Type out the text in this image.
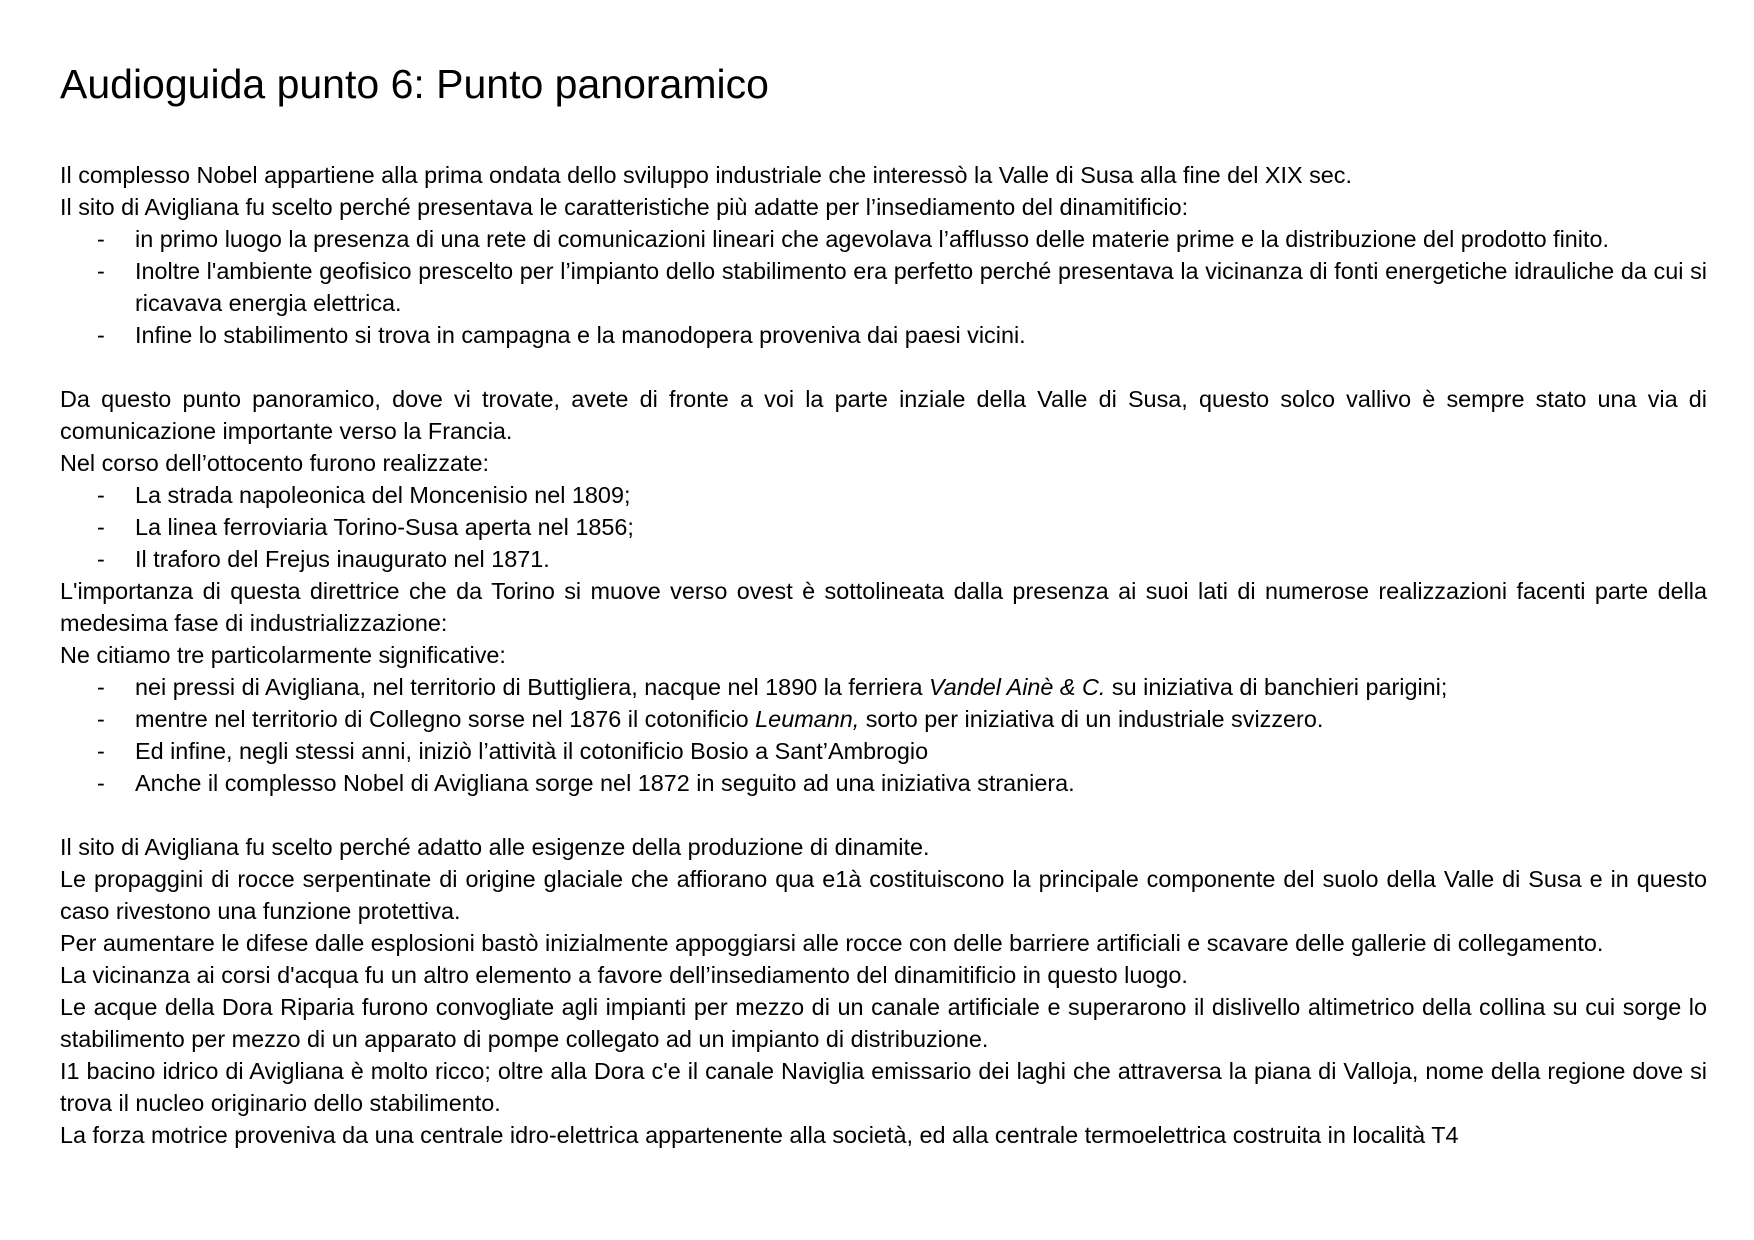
Audioguida punto 6: Punto panoramico

Il complesso Nobel appartiene alla prima ondata dello sviluppo industriale che interessò la Valle di Susa alla fine del XIX sec.

Il sito di Avigliana fu scelto perché presentava le caratteristiche più adatte per l’insediamento del dinamitificio:

- in primo luogo la presenza di una rete di comunicazioni lineari che agevolava l’afflusso delle materie prime e la distribuzione del prodotto finito.
- Inoltre l'ambiente geofisico prescelto per l’impianto dello stabilimento era perfetto perché presentava la vicinanza di fonti energetiche idrauliche da cui si ricavava energia elettrica.
- Infine lo stabilimento si trova in campagna e la manodopera proveniva dai paesi vicini.

Da questo punto panoramico, dove vi trovate, avete di fronte a voi la parte inziale della Valle di Susa, questo solco vallivo è sempre stato una via di comunicazione importante verso la Francia.

Nel corso dell’ottocento furono realizzate:

- La strada napoleonica del Moncenisio nel 1809;
- La linea ferroviaria Torino-Susa aperta nel 1856;
- Il traforo del Frejus inaugurato nel 1871.

L'importanza di questa direttrice che da Torino si muove verso ovest è sottolineata dalla presenza ai suoi lati di numerose realizzazioni facenti parte della medesima fase di industrializzazione:

Ne citiamo tre particolarmente significative:

- nei pressi di Avigliana, nel territorio di Buttigliera, nacque nel 1890 la ferriera Vandel Ainè & C. su iniziativa di banchieri parigini;
- mentre nel territorio di Collegno sorse nel 1876 il cotonificio Leumann, sorto per iniziativa di un industriale svizzero.
- Ed infine, negli stessi anni, iniziò l’attività il cotonificio Bosio a Sant’Ambrogio
- Anche il complesso Nobel di Avigliana sorge nel 1872 in seguito ad una iniziativa straniera.

Il sito di Avigliana fu scelto perché adatto alle esigenze della produzione di dinamite.

Le propaggini di rocce serpentinate di origine glaciale che affiorano qua e1à costituiscono la principale componente del suolo della Valle di Susa e in questo caso rivestono una funzione protettiva.

Per aumentare le difese dalle esplosioni bastò inizialmente appoggiarsi alle rocce con delle barriere artificiali e scavare delle gallerie di collegamento.

La vicinanza ai corsi d'acqua fu un altro elemento a favore dell’insediamento del dinamitificio in questo luogo.

Le acque della Dora Riparia furono convogliate agli impianti per mezzo di un canale artificiale e superarono il dislivello altimetrico della collina su cui sorge lo stabilimento per mezzo di un apparato di pompe collegato ad un impianto di distribuzione.

I1 bacino idrico di Avigliana è molto ricco; oltre alla Dora c'e il canale Naviglia emissario dei laghi che attraversa la piana di Valloja, nome della regione dove si trova il nucleo originario dello stabilimento.

La forza motrice proveniva da una centrale idro-elettrica appartenente alla società, ed alla centrale termoelettrica costruita in località T4
